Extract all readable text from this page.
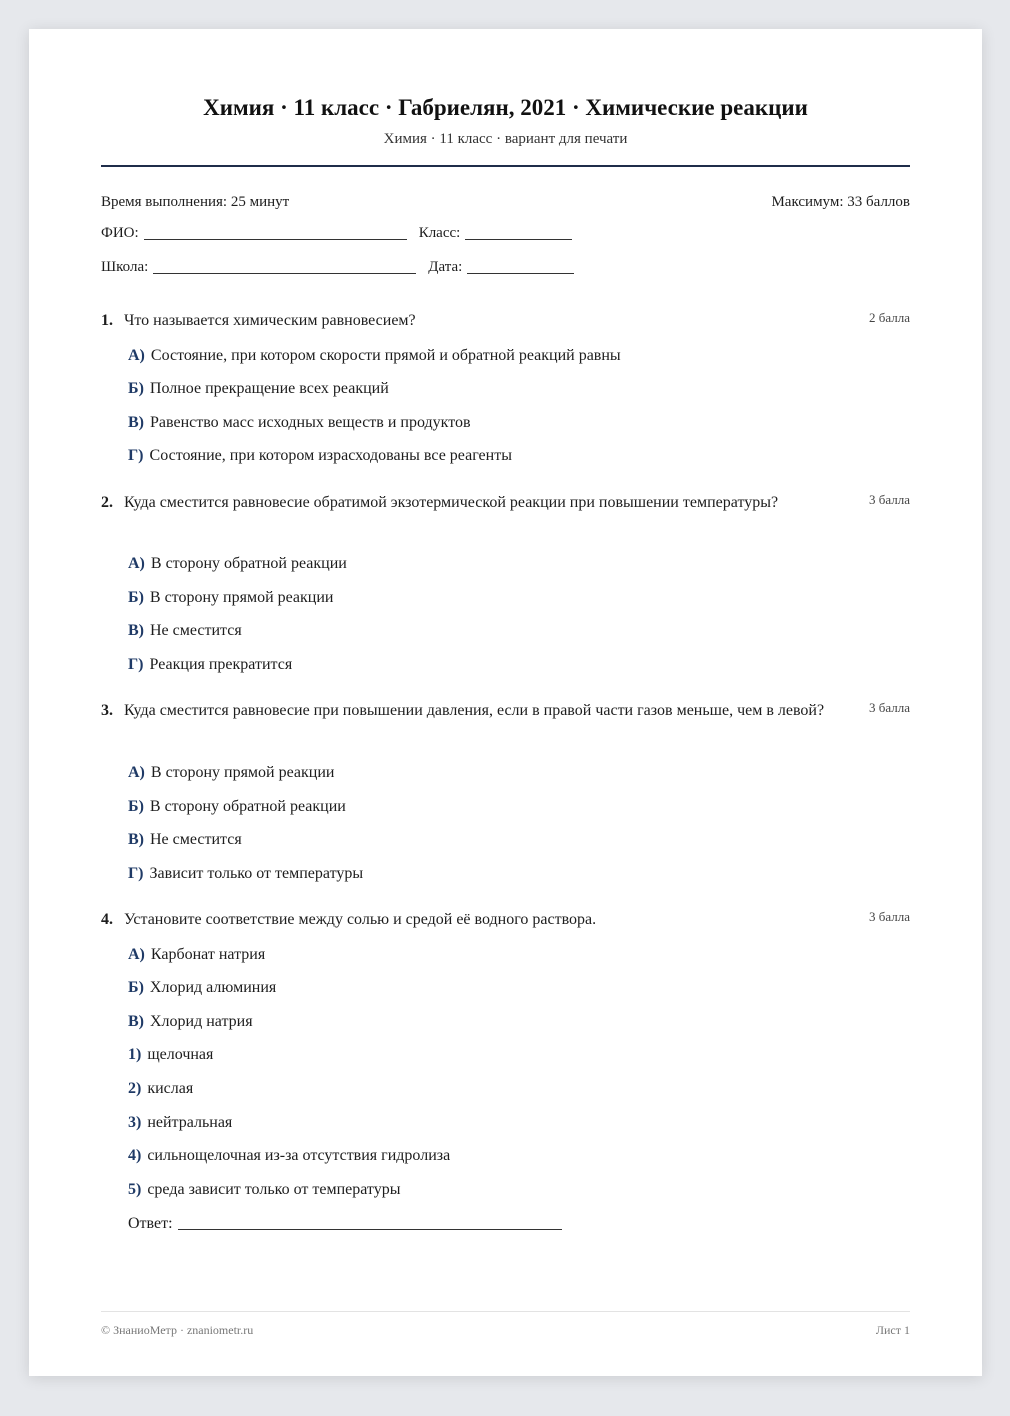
Химия · 11 класс · Габриелян, 2021 · Химические реакции
Химия · 11 класс · вариант для печати
Время выполнения: 25 минут	Максимум: 33 баллов
ФИО:	Класс:
Школа:	Дата:
1. Что называется химическим равновесием?	2 балла
А) Состояние, при котором скорости прямой и обратной реакций равны
Б) Полное прекращение всех реакций
В) Равенство масс исходных веществ и продуктов
Г) Состояние, при котором израсходованы все реагенты
2. Куда сместится равновесие обратимой экзотермической реакции при повышении температуры?	3 балла
А) В сторону обратной реакции
Б) В сторону прямой реакции
В) Не сместится
Г) Реакция прекратится
3. Куда сместится равновесие при повышении давления, если в правой части газов меньше, чем в левой?	3 балла
А) В сторону прямой реакции
Б) В сторону обратной реакции
В) Не сместится
Г) Зависит только от температуры
4. Установите соответствие между солью и средой её водного раствора.	3 балла
А) Карбонат натрия
Б) Хлорид алюминия
В) Хлорид натрия
1) щелочная
2) кислая
3) нейтральная
4) сильнощелочная из-за отсутствия гидролиза
5) среда зависит только от температуры
Ответ:
© ЗнаниоМетр · znaniometr.ru	Лист 1
